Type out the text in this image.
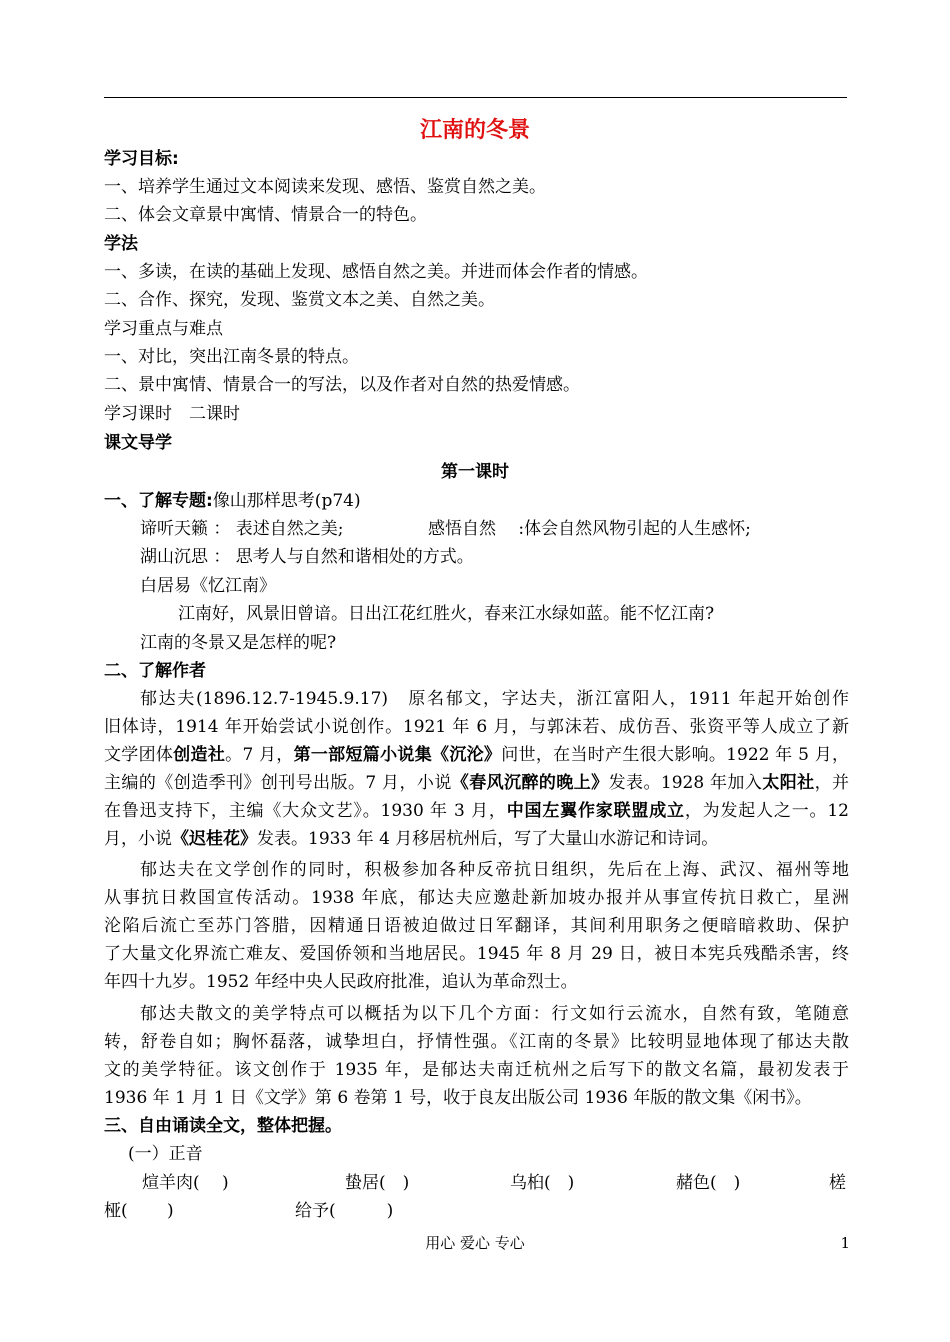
江南的冬景
学习目标:
一、培养学生通过文本阅读来发现、感悟、鉴赏自然之美。
二、体会文章景中寓情、情景合一的特色。
学法
一、多读，在读的基础上发现、感悟自然之美。并进而体会作者的情感。
二、合作、探究，发现、鉴赏文本之美、自然之美。
学习重点与难点
一、对比，突出江南冬景的特点。
二、景中寓情、情景合一的写法，以及作者对自然的热爱情感。
学习课时　二课时
课文导学
第一课时
一、了解专题:像山那样思考(p74)
谛听天籁 ： 表述自然之美;	感悟自然　 :体会自然风物引起的人生感怀;
湖山沉思 ： 思考人与自然和谐相处的方式。
白居易《忆江南》
江南好，风景旧曾谙。日出江花红胜火，春来江水绿如蓝。能不忆江南?
江南的冬景又是怎样的呢?
二、了解作者
郁达夫(1896.12.7-1945.9.17)　原名郁文，字达夫，浙江富阳人，1911 年起开始创作
旧体诗，1914 年开始尝试小说创作。1921 年 6 月，与郭沫若、成仿吾、张资平等人成立了新
文学团体创造社。7 月，第一部短篇小说集《沉沦》问世，在当时产生很大影响。1922 年 5 月，
主编的《创造季刊》创刊号出版。7 月，小说《春风沉醉的晚上》发表。1928 年加入太阳社，并
在鲁迅支持下，主编《大众文艺》。1930 年 3 月，中国左翼作家联盟成立，为发起人之一。12
月，小说《迟桂花》发表。1933 年 4 月移居杭州后，写了大量山水游记和诗词。
郁达夫在文学创作的同时，积极参加各种反帝抗日组织，先后在上海、武汉、福州等地
从事抗日救国宣传活动。1938 年底，郁达夫应邀赴新加坡办报并从事宣传抗日救亡，星洲
沦陷后流亡至苏门答腊，因精通日语被迫做过日军翻译，其间利用职务之便暗暗救助、保护
了大量文化界流亡难友、爱国侨领和当地居民。1945 年 8 月 29 日，被日本宪兵残酷杀害，终
年四十九岁。1952 年经中央人民政府批准，追认为革命烈士。
郁达夫散文的美学特点可以概括为以下几个方面：行文如行云流水，自然有致，笔随意
转，舒卷自如；胸怀磊落，诚挚坦白，抒情性强。《江南的冬景》比较明显地体现了郁达夫散
文的美学特征。该文创作于 1935 年，是郁达夫南迁杭州之后写下的散文名篇，最初发表于
1936 年 1 月 1 日《文学》第 6 卷第 1 号，收于良友出版公司 1936 年版的散文集《闲书》。
三、自由诵读全文，整体把握。
(一）正音
煊羊肉(　 )	蛰居(　)	乌桕(　)	赭色(　)	槎
桠(　　 )	给予(　　　)
用心 爱心 专心	1
